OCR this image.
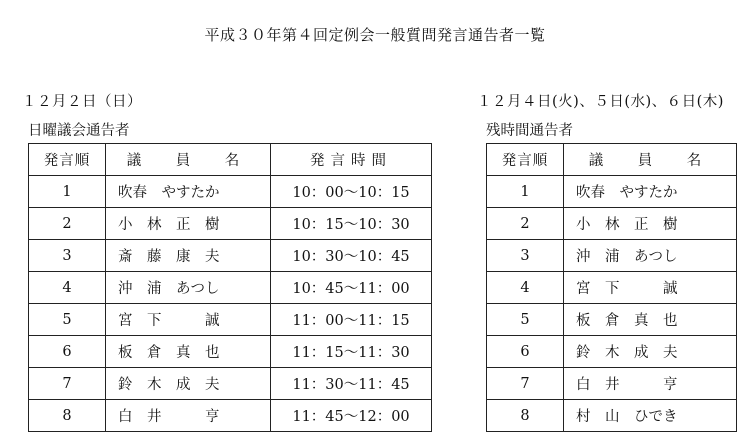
平成３０年第４回定例会一般質問発言通告者一覧
１２月２日（日）	１２月４日(火)、５日(水)、６日(木)
日曜議会通告者	残時間通告者
発言順	議　員　名	発言時間
1	吹春　やすたか	10：00〜10：15
2	小　林　正　樹	10：15〜10：30
3	斎　藤　康　夫	10：30〜10：45
4	沖　浦　あつし	10：45〜11：00
5	宮　下　　　誠	11：00〜11：15
6	板　倉　真　也	11：15〜11：30
7	鈴　木　成　夫	11：30〜11：45
8	白　井　　　亨	11：45〜12：00
発言順	議　員　名
1	吹春　やすたか
2	小　林　正　樹
3	沖　浦　あつし
4	宮　下　　　誠
5	板　倉　真　也
6	鈴　木　成　夫
7	白　井　　　亨
8	村　山　ひでき
